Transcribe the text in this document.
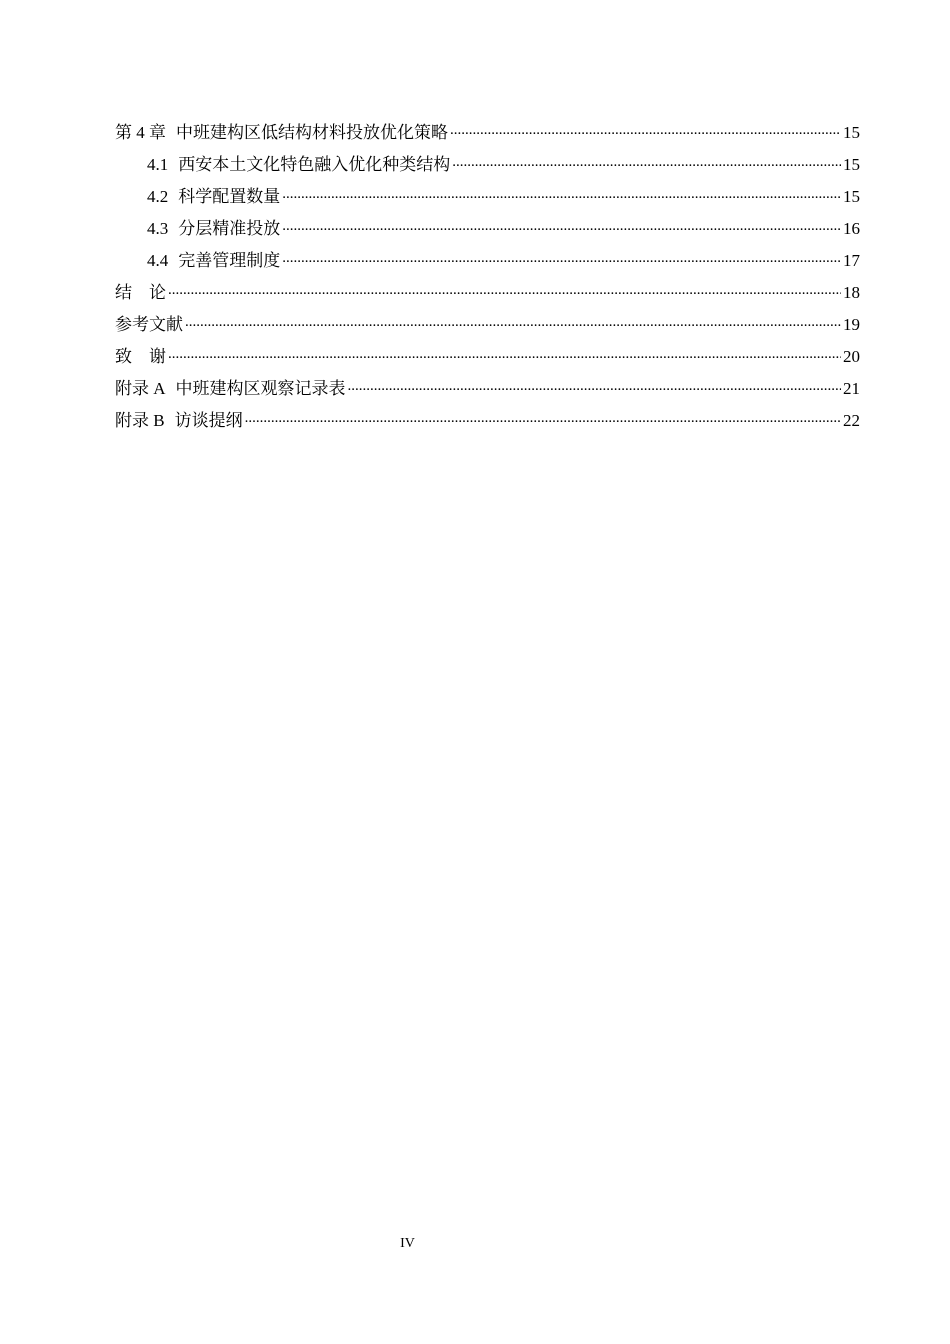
第 4 章 中班建构区低结构材料投放优化策略 .....	15
4.1 西安本土文化特色融入优化种类结构 .....	15
4.2 科学配置数量 .....	15
4.3 分层精准投放 .....	16
4.4 完善管理制度 .....	17
结　论 .....	18
参考文献 .....	19
致　谢 .....	20
附录 A 中班建构区观察记录表 .....	21
附录 B 访谈提纲 .....	22
IV
